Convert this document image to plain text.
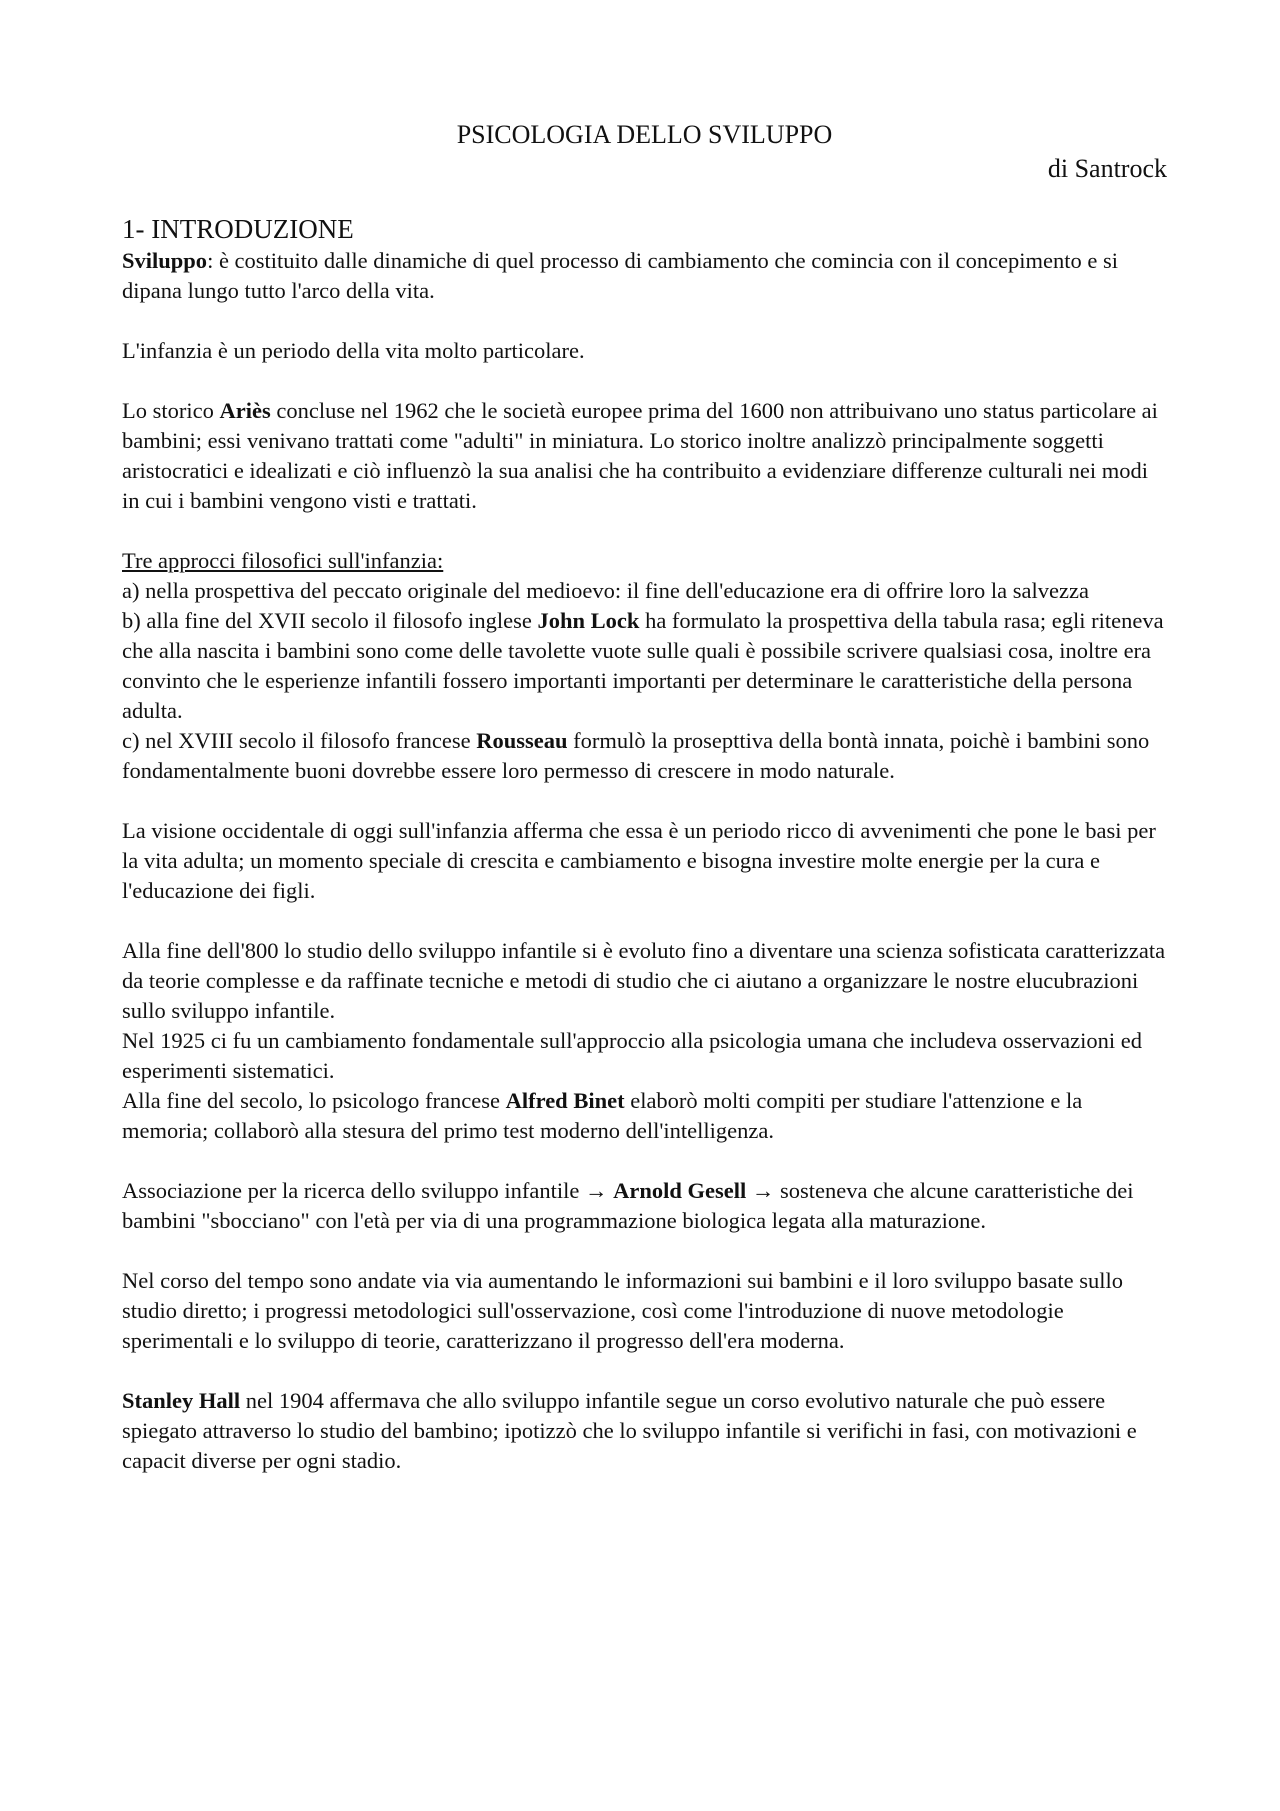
PSICOLOGIA DELLO SVILUPPO

di Santrock

1- INTRODUZIONE

Sviluppo: è costituito dalle dinamiche di quel processo di cambiamento che comincia con il concepimento e si dipana lungo tutto l'arco della vita.

L'infanzia è un periodo della vita molto particolare.

Lo storico Ariès concluse nel 1962 che le società europee prima del 1600 non attribuivano uno status particolare ai bambini; essi venivano trattati come "adulti" in miniatura. Lo storico inoltre analizzò principalmente soggetti aristocratici e idealizati e ciò influenzò la sua analisi che ha contribuito a evidenziare differenze culturali nei modi in cui i bambini vengono visti e trattati.

Tre approcci filosofici sull'infanzia:

a) nella prospettiva del peccato originale del medioevo: il fine dell'educazione era di offrire loro la salvezza

b) alla fine del XVII secolo il filosofo inglese John Lock ha formulato la prospettiva della tabula rasa; egli riteneva che alla nascita i bambini sono come delle tavolette vuote sulle quali è possibile scrivere qualsiasi cosa, inoltre era convinto che le esperienze infantili fossero importanti importanti per determinare le caratteristiche della persona adulta.

c) nel XVIII secolo il filosofo francese Rousseau formulò la prosepttiva della bontà innata, poichè i bambini sono fondamentalmente buoni dovrebbe essere loro permesso di crescere in modo naturale.

La visione occidentale di oggi sull'infanzia afferma che essa è un periodo ricco di avvenimenti che pone le basi per la vita adulta; un momento speciale di crescita e cambiamento e bisogna investire molte energie per la cura e l'educazione dei figli.

Alla fine dell'800 lo studio dello sviluppo infantile si è evoluto fino a diventare una scienza sofisticata caratterizzata da teorie complesse e da raffinate tecniche e metodi di studio che ci aiutano a organizzare le nostre elucubrazioni sullo sviluppo infantile.

Nel 1925 ci fu un cambiamento fondamentale sull'approccio alla psicologia umana che includeva osservazioni ed esperimenti sistematici.

Alla fine del secolo, lo psicologo francese Alfred Binet elaborò molti compiti per studiare l'attenzione e la memoria; collaborò alla stesura del primo test moderno dell'intelligenza.

Associazione per la ricerca dello sviluppo infantile → Arnold Gesell → sosteneva che alcune caratteristiche dei bambini "sbocciano" con l'età per via di una programmazione biologica legata alla maturazione.

Nel corso del tempo sono andate via via aumentando le informazioni sui bambini e il loro sviluppo basate sullo studio diretto; i progressi metodologici sull'osservazione, così come l'introduzione di nuove metodologie sperimentali e lo sviluppo di teorie, caratterizzano il progresso dell'era moderna.

Stanley Hall nel 1904 affermava che allo sviluppo infantile segue un corso evolutivo naturale che può essere spiegato attraverso lo studio del bambino; ipotizzò che lo sviluppo infantile si verifichi in fasi, con motivazioni e capacit diverse per ogni stadio.
